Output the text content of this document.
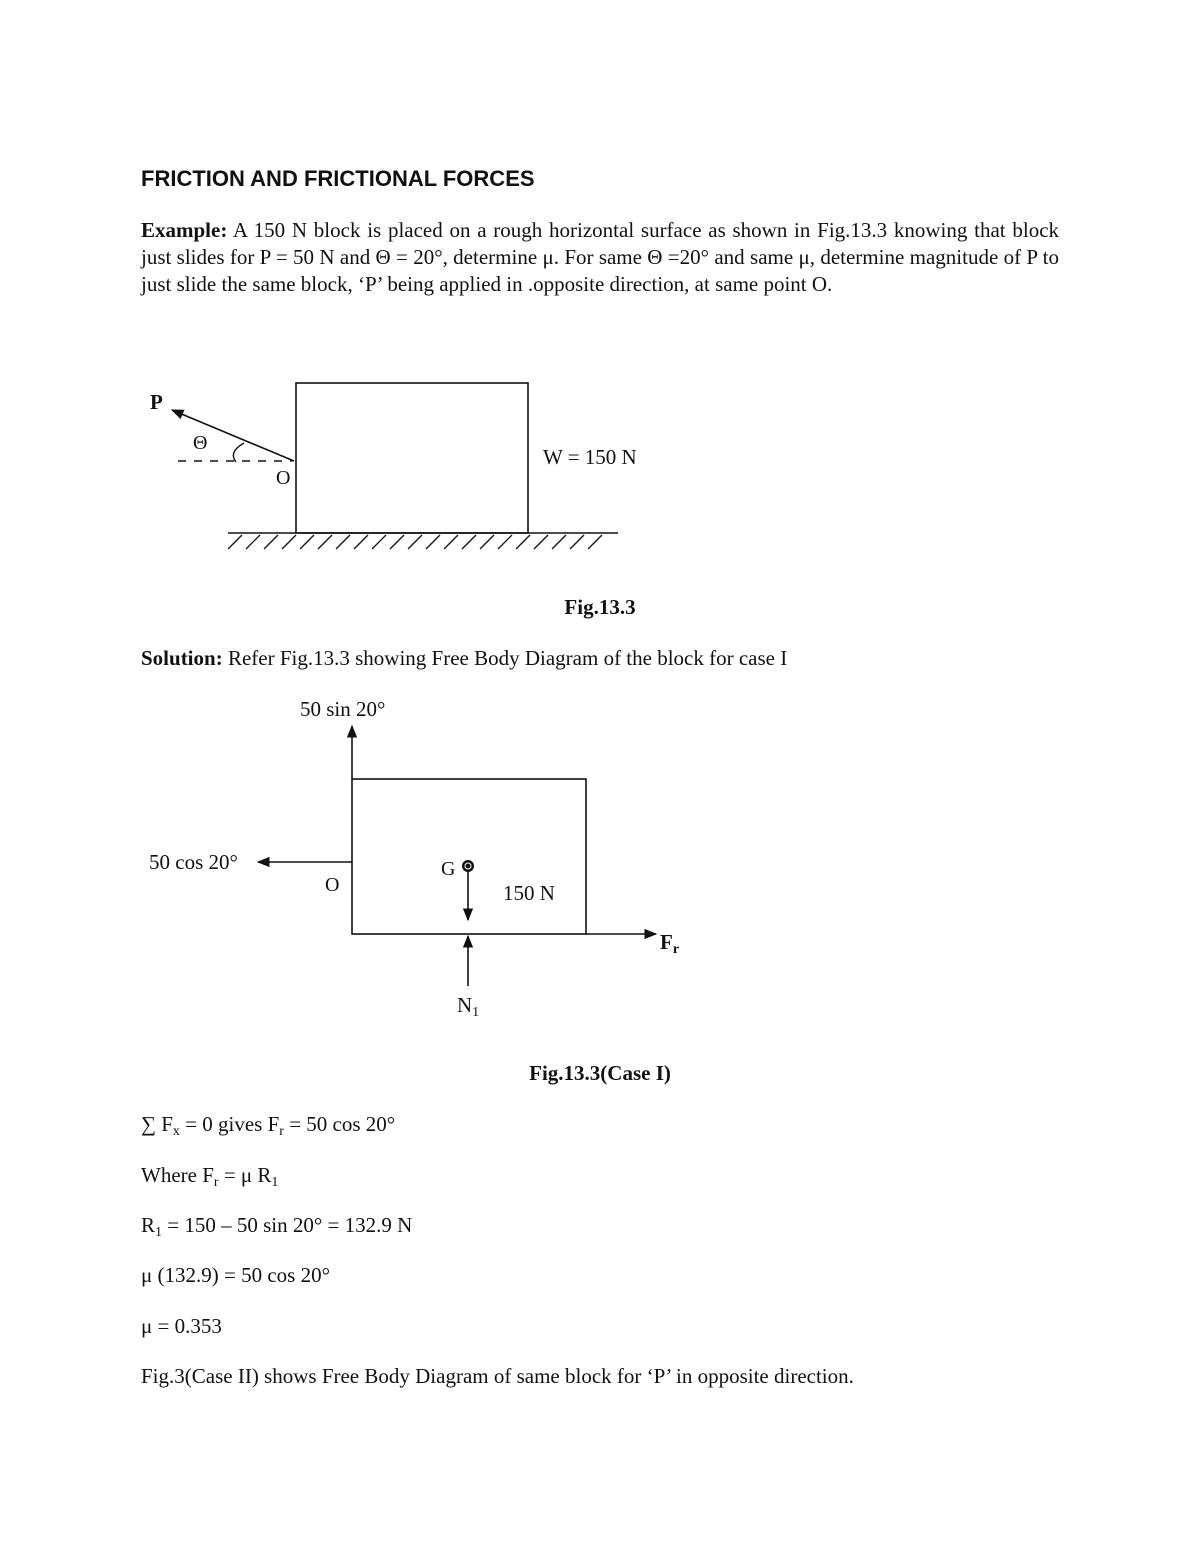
FRICTION AND FRICTIONAL FORCES
Example: A 150 N block is placed on a rough horizontal surface as shown in Fig.13.3 knowing that block just slides for P = 50 N and Θ = 20°, determine μ. For same Θ =20° and same μ, determine magnitude of P to just slide the same block, ‘P’ being applied in .opposite direction, at same point O.
P
Θ
O
W = 150 N
Fig.13.3
Solution: Refer Fig.13.3 showing Free Body Diagram of the block for case I
50 sin 20°
50 cos 20°
O
G
150 N
Fr
N1
Fig.13.3(Case I)
∑ $F_x = 0$ gives $F_r = 50$ cos 20°
Where $F_r = \mu$ $R_1$
$R_1 = 150 - 50$ sin 20° = 132.9 N
μ (132.9) = 50 cos 20°
μ = 0.353
Fig.3(Case II) shows Free Body Diagram of same block for ‘P’ in opposite direction.
